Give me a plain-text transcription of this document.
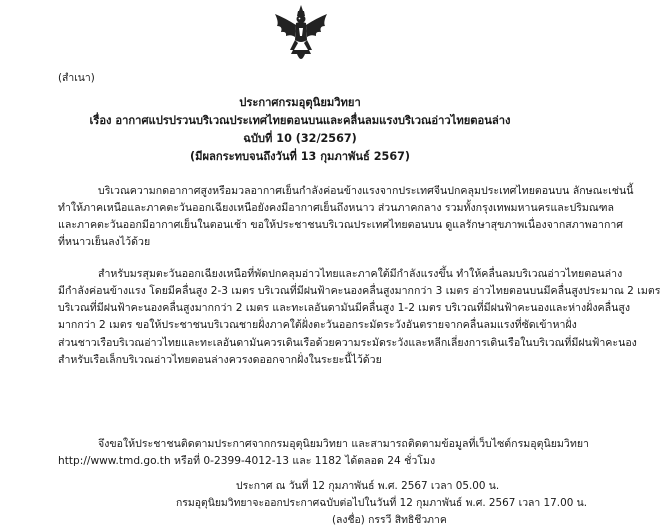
(สำเนา)
ประกาศกรมอุตุนิยมวิทยา
เรื่อง อากาศแปรปรวนบริเวณประเทศไทยตอนบนและคลื่นลมแรงบริเวณอ่าวไทยตอนล่าง
ฉบับที่ 10 (32/2567)
(มีผลกระทบจนถึงวันที่ 13 กุมภาพันธ์ 2567)
บริเวณความกดอากาศสูงหรือมวลอากาศเย็นกำลังค่อนข้างแรงจากประเทศจีนปกคลุมประเทศไทยตอนบน ลักษณะเช่นนี้
ทำให้ภาคเหนือและภาคตะวันออกเฉียงเหนือยังคงมีอากาศเย็นถึงหนาว ส่วนภาคกลาง รวมทั้งกรุงเทพมหานครและปริมณฑล
และภาคตะวันออกมีอากาศเย็นในตอนเช้า ขอให้ประชาชนบริเวณประเทศไทยตอนบน ดูแลรักษาสุขภาพเนื่องจากสภาพอากาศ
ที่หนาวเย็นลงไว้ด้วย
สำหรับมรสุมตะวันออกเฉียงเหนือที่พัดปกคลุมอ่าวไทยและภาคใต้มีกำลังแรงขึ้น ทำให้คลื่นลมบริเวณอ่าวไทยตอนล่าง
มีกำลังค่อนข้างแรง โดยมีคลื่นสูง 2-3 เมตร บริเวณที่มีฝนฟ้าคะนองคลื่นสูงมากกว่า 3 เมตร อ่าวไทยตอนบนมีคลื่นสูงประมาณ 2 เมตร
บริเวณที่มีฝนฟ้าคะนองคลื่นสูงมากกว่า 2 เมตร และทะเลอันดามันมีคลื่นสูง 1-2 เมตร บริเวณที่มีฝนฟ้าคะนองและห่างฝั่งคลื่นสูง
มากกว่า 2 เมตร ขอให้ประชาชนบริเวณชายฝั่งภาคใต้ฝั่งตะวันออกระมัดระวังอันตรายจากคลื่นลมแรงที่ซัดเข้าหาฝั่ง
ส่วนชาวเรือบริเวณอ่าวไทยและทะเลอันดามันควรเดินเรือด้วยความระมัดระวังและหลีกเลี่ยงการเดินเรือในบริเวณที่มีฝนฟ้าคะนอง
สำหรับเรือเล็กบริเวณอ่าวไทยตอนล่างควรงดออกจากฝั่งในระยะนี้ไว้ด้วย
จึงขอให้ประชาชนติดตามประกาศจากกรมอุตุนิยมวิทยา และสามารถติดตามข้อมูลที่เว็บไซต์กรมอุตุนิยมวิทยา
http://www.tmd.go.th หรือที่ 0-2399-4012-13 และ 1182 ได้ตลอด 24 ชั่วโมง
ประกาศ ณ วันที่ 12 กุมภาพันธ์ พ.ศ. 2567 เวลา 05.00 น.
กรมอุตุนิยมวิทยาจะออกประกาศฉบับต่อไปในวันที่ 12 กุมภาพันธ์ พ.ศ. 2567 เวลา 17.00 น.
(ลงชื่อ) กรรวี สิทธิชีวภาค
